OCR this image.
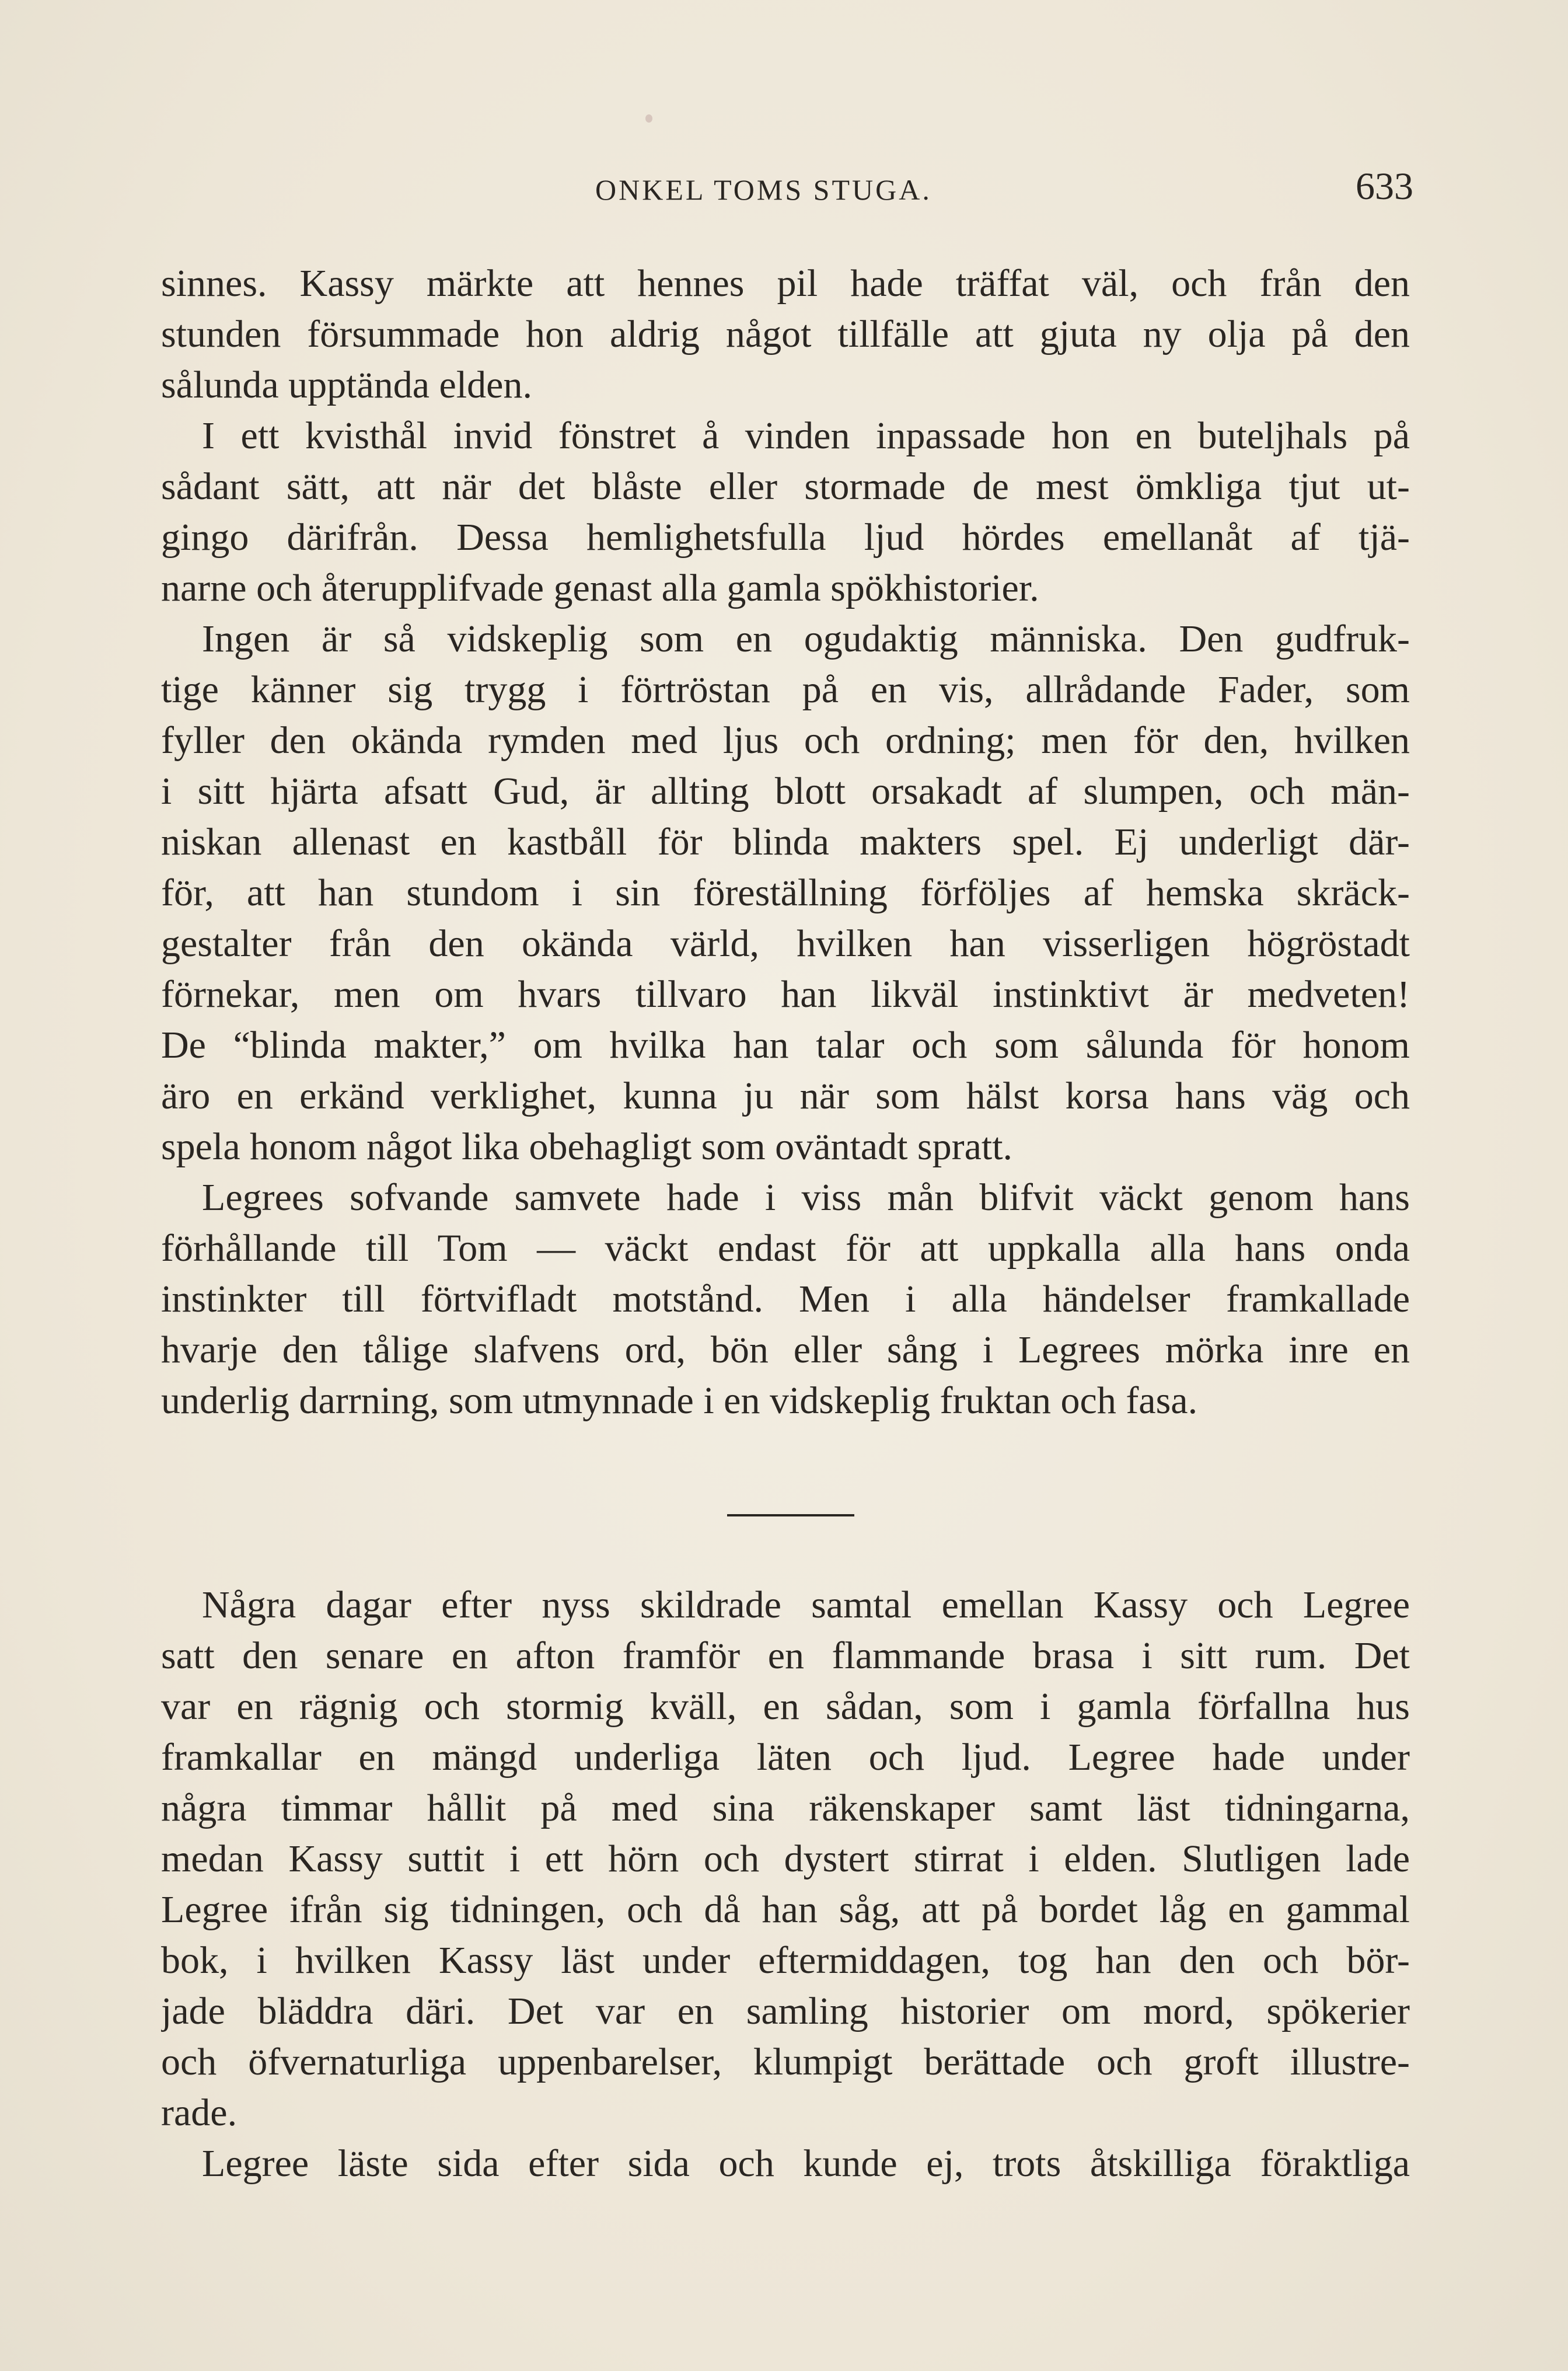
ONKEL TOMS STUGA.	633
sinnes. Kassy märkte att hennes pil hade träffat väl, och från den
stunden försummade hon aldrig något tillfälle att gjuta ny olja på den
sålunda upptända elden.
I ett kvisthål invid fönstret å vinden inpassade hon en buteljhals på
sådant sätt, att när det blåste eller stormade de mest ömkliga tjut ut-
gingo därifrån. Dessa hemlighetsfulla ljud hördes emellanåt af tjä-
narne och återupplifvade genast alla gamla spökhistorier.
Ingen är så vidskeplig som en ogudaktig människa. Den gudfruk-
tige känner sig trygg i förtröstan på en vis, allrådande Fader, som
fyller den okända rymden med ljus och ordning; men för den, hvilken
i sitt hjärta afsatt Gud, är allting blott orsakadt af slumpen, och män-
niskan allenast en kastbåll för blinda makters spel. Ej underligt där-
för, att han stundom i sin föreställning förföljes af hemska skräck-
gestalter från den okända värld, hvilken han visserligen högröstadt
förnekar, men om hvars tillvaro han likväl instinktivt är medveten!
De “blinda makter,” om hvilka han talar och som sålunda för honom
äro en erkänd verklighet, kunna ju när som hälst korsa hans väg och
spela honom något lika obehagligt som oväntadt spratt.
Legrees sofvande samvete hade i viss mån blifvit väckt genom hans
förhållande till Tom — väckt endast för att uppkalla alla hans onda
instinkter till förtvifladt motstånd. Men i alla händelser framkallade
hvarje den tålige slafvens ord, bön eller sång i Legrees mörka inre en
underlig darrning, som utmynnade i en vidskeplig fruktan och fasa.
Några dagar efter nyss skildrade samtal emellan Kassy och Legree
satt den senare en afton framför en flammande brasa i sitt rum. Det
var en rägnig och stormig kväll, en sådan, som i gamla förfallna hus
framkallar en mängd underliga läten och ljud. Legree hade under
några timmar hållit på med sina räkenskaper samt läst tidningarna,
medan Kassy suttit i ett hörn och dystert stirrat i elden. Slutligen lade
Legree ifrån sig tidningen, och då han såg, att på bordet låg en gammal
bok, i hvilken Kassy läst under eftermiddagen, tog han den och bör-
jade bläddra däri. Det var en samling historier om mord, spökerier
och öfvernaturliga uppenbarelser, klumpigt berättade och groft illustre-
rade.
Legree läste sida efter sida och kunde ej, trots åtskilliga föraktliga
